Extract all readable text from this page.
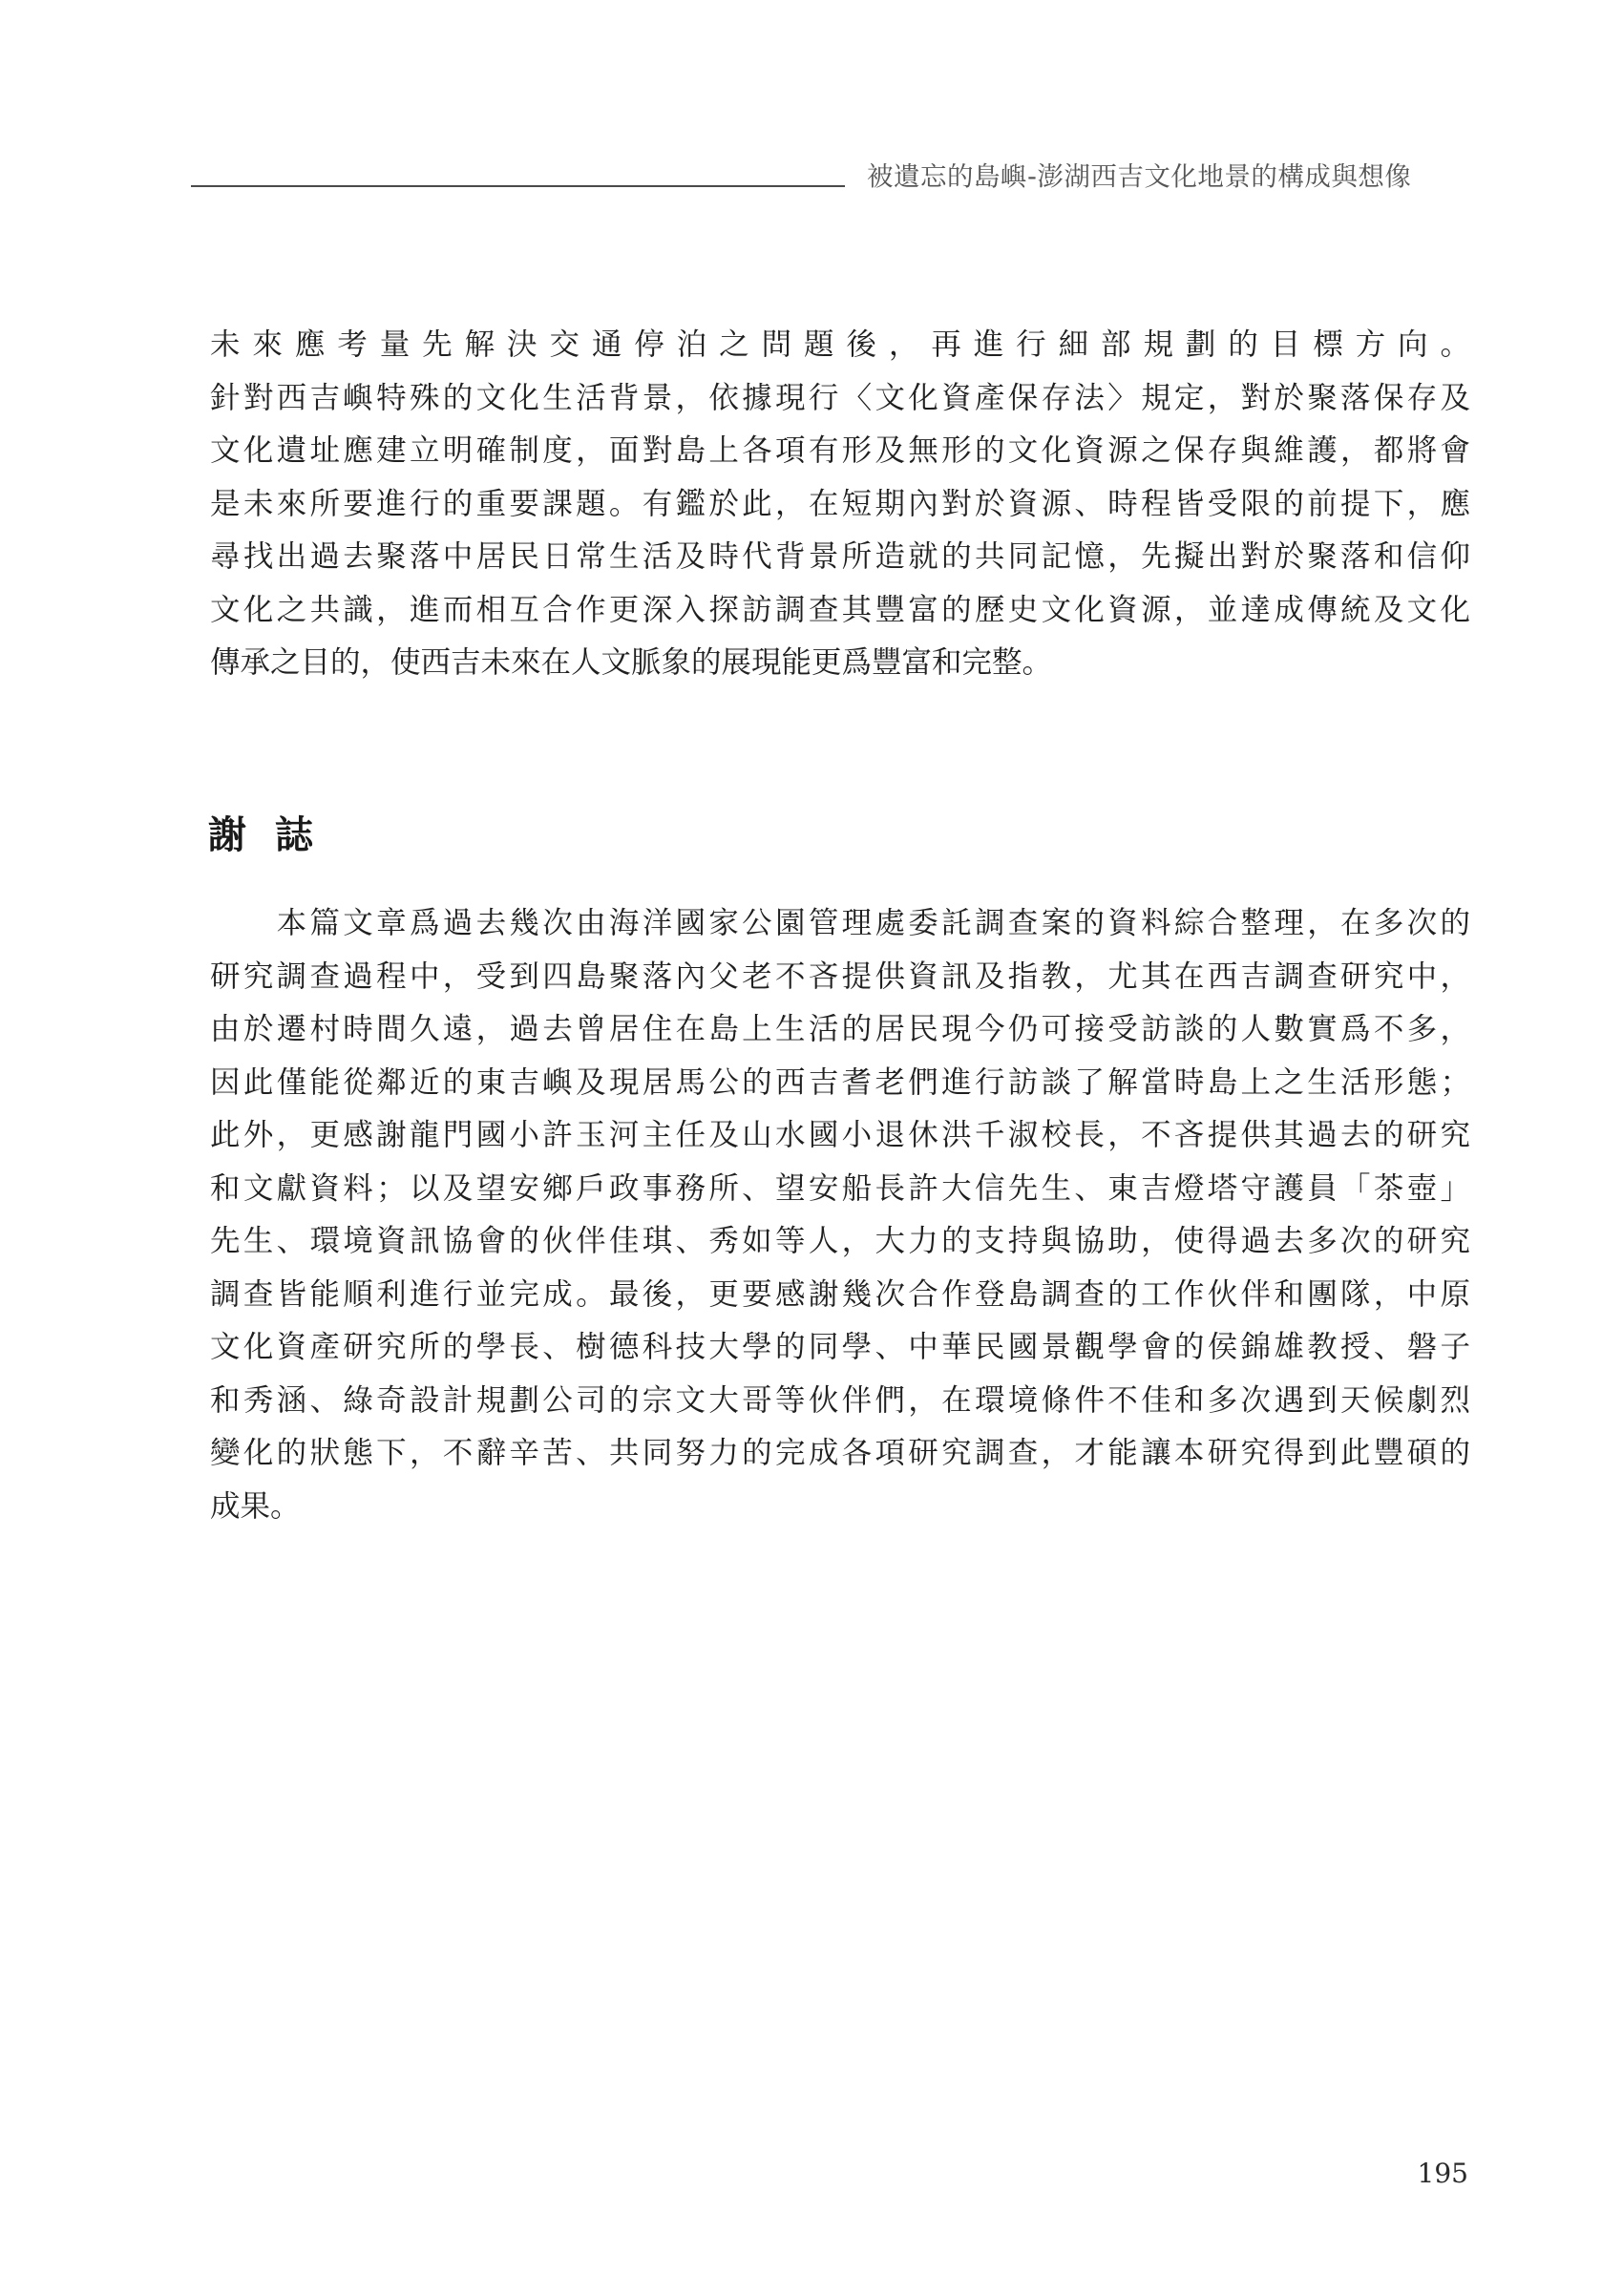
被遺忘的島嶼-澎湖西吉文化地景的構成與想像
未來應考量先解決交通停泊之問題後，再進行細部規劃的目標方向。
針對西吉嶼特殊的文化生活背景，依據現行〈文化資產保存法〉規定，對於聚落保存及
文化遺址應建立明確制度，面對島上各項有形及無形的文化資源之保存與維護，都將會
是未來所要進行的重要課題。有鑑於此，在短期內對於資源、時程皆受限的前提下，應
尋找出過去聚落中居民日常生活及時代背景所造就的共同記憶，先擬出對於聚落和信仰
文化之共識，進而相互合作更深入探訪調查其豐富的歷史文化資源，並達成傳統及文化
傳承之目的，使西吉未來在人文脈象的展現能更爲豐富和完整。
謝誌
　　本篇文章爲過去幾次由海洋國家公園管理處委託調查案的資料綜合整理，在多次的
研究調查過程中，受到四島聚落內父老不吝提供資訊及指教，尤其在西吉調查研究中，
由於遷村時間久遠，過去曾居住在島上生活的居民現今仍可接受訪談的人數實爲不多，
因此僅能從鄰近的東吉嶼及現居馬公的西吉耆老們進行訪談了解當時島上之生活形態；
此外，更感謝龍門國小許玉河主任及山水國小退休洪千淑校長，不吝提供其過去的研究
和文獻資料；以及望安鄉戶政事務所、望安船長許大信先生、東吉燈塔守護員「茶壺」
先生、環境資訊協會的伙伴佳琪、秀如等人，大力的支持與協助，使得過去多次的研究
調查皆能順利進行並完成。最後，更要感謝幾次合作登島調查的工作伙伴和團隊，中原
文化資產研究所的學長、樹德科技大學的同學、中華民國景觀學會的侯錦雄教授、磐子
和秀涵、綠奇設計規劃公司的宗文大哥等伙伴們，在環境條件不佳和多次遇到天候劇烈
變化的狀態下，不辭辛苦、共同努力的完成各項研究調查，才能讓本研究得到此豐碩的
成果。
195
